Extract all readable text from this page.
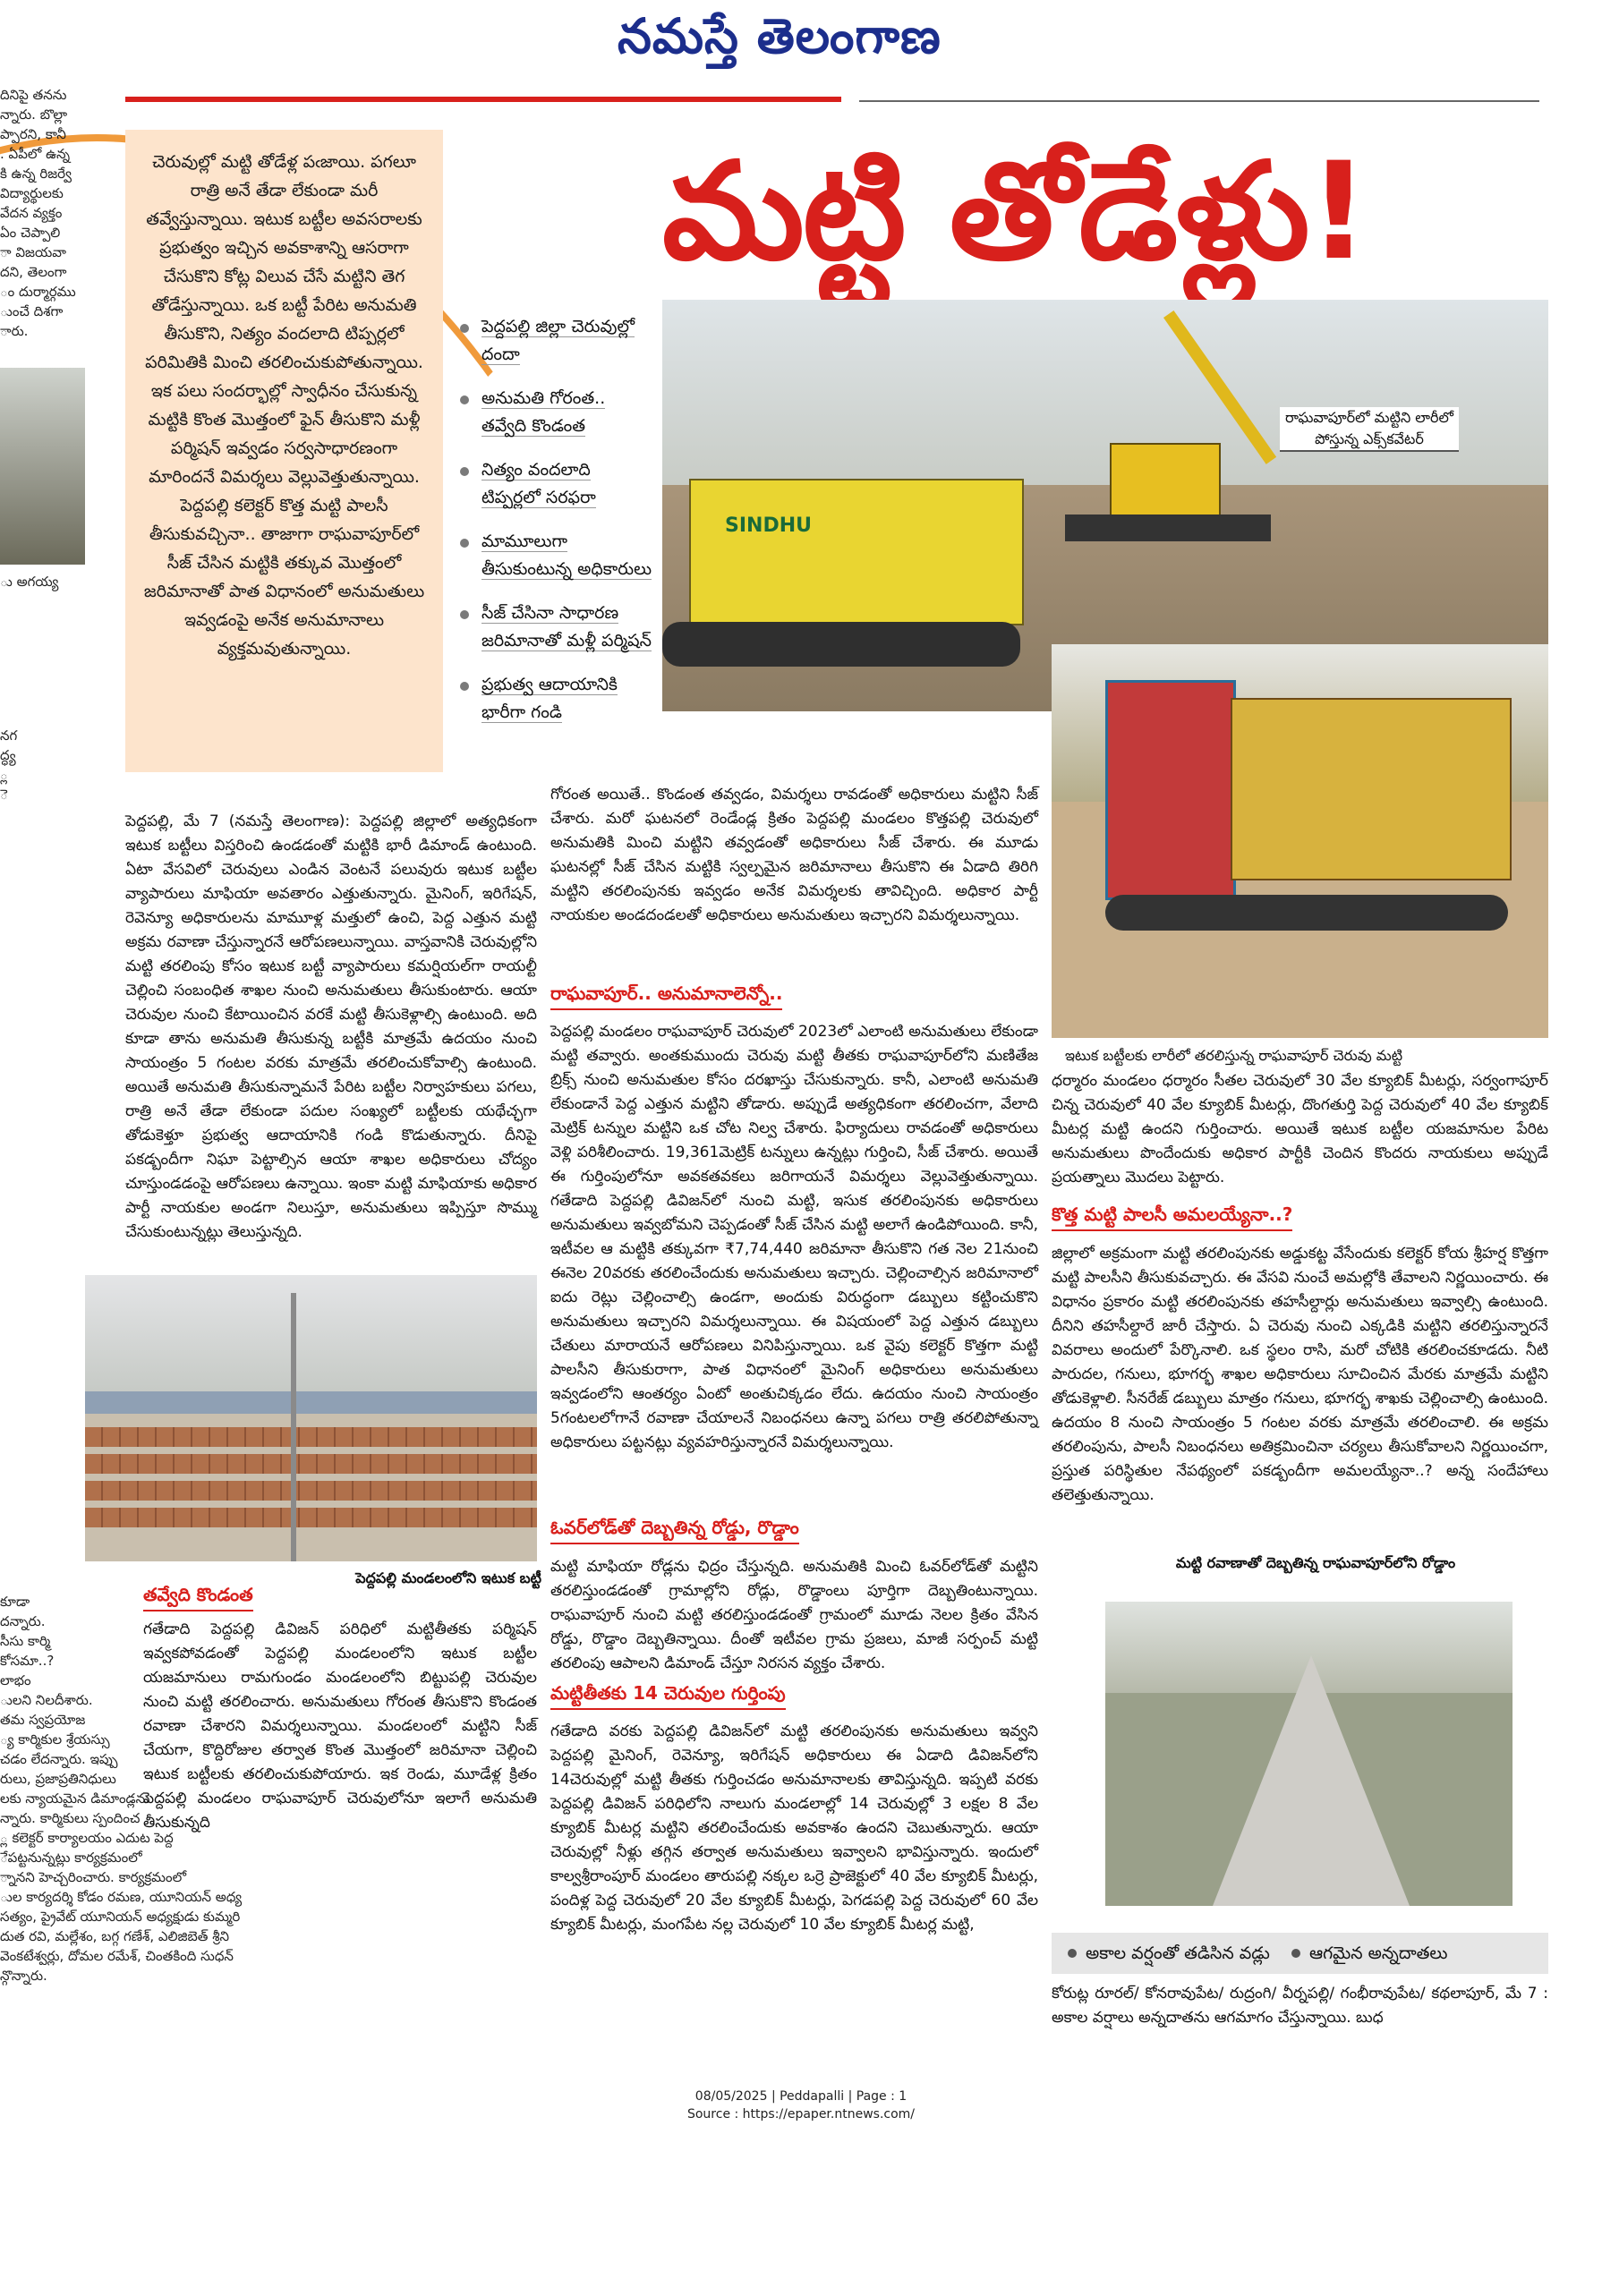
నమస్తే తెలంగాణ
దినిపై తనను
న్నారు. బొల్లా
ప్పారని, కానీ
. ఏపీలో ఉన్న
కి ఉన్న రిజర్వే
విద్యార్థులకు
వేదన వ్యక్తం
ఏం చెప్పాలి
ా విజయవా
దని, తెలంగా
ం దుర్మార్గము
ుంచే దిశగా
ారు.
ు అగయ్య
నగ
ద్ధ్య
్ల
ె
కూడా
దన్నారు.
సీసు కార్మి
కోసమా..?
లాభం
ులని నిలదీశారు.
తమ స్వప్రయోజ
్య కార్మికుల శ్రేయస్సు
చడం లేదన్నారు. ఇప్పు
రులు, ప్రజాప్రతినిధులు
లకు న్యాయమైన డిమాండ్లను
న్నారు. కార్మికులు స్పందించ
్ల కలెక్టర్ కార్యాలయం ఎదుట పెద్ద
ేపట్టనున్నట్లు కార్యక్రమంలో
్నానని హెచ్చరించారు. కార్యక్రమంలో
ుల కార్యదర్శి కోడం రమణ, యూనియన్ అధ్య
సత్యం, ప్రైవేట్ యూనియన్ అధ్యక్షుడు కుమ్మరి
దుత రవి, మల్లేశం, బగ్గ గణేశ్, ఎలిజిబెత్ శ్రీని
వెంకటేశ్వర్లు, దోమల రమేశ్, చింతకింది సుధన్
న్గొన్నారు.
చెరువుల్లో మట్టి తోడేళ్ల పఁజాయి. పగలూ రాత్రి అనే తేడా లేకుండా మరీ తవ్వేస్తున్నాయి. ఇటుక బట్టీల అవసరాలకు ప్రభుత్వం ఇచ్చిన అవకాశాన్ని ఆసరాగా చేసుకొని కోట్ల విలువ చేసే మట్టిని తెగ తోడేస్తున్నాయి. ఒక బట్టీ పేరిట అనుమతి తీసుకొని, నిత్యం వందలాది టిప్పర్లలో పరిమితికి మించి తరలించుకుపోతున్నాయి. ఇక పలు సందర్భాల్లో స్వాధీనం చేసుకున్న మట్టికి కొంత మొత్తంలో ఫైన్ తీసుకొని మళ్లీ పర్మిషన్ ఇవ్వడం సర్వసాధారణంగా మారిందనే విమర్శలు వెల్లువెత్తుతున్నాయి. పెద్దపల్లి కలెక్టర్ కొత్త మట్టి పాలసీ తీసుకువచ్చినా.. తాజాగా రాఘవాపూర్‌లో సీజ్ చేసిన మట్టికి తక్కువ మొత్తంలో జరిమానాతో పాత విధానంలో అనుమతులు ఇవ్వడంపై అనేక అనుమానాలు వ్యక్తమవుతున్నాయి.
మట్టి తోడేళ్లు!
పెద్దపల్లి జిల్లా చెరువుల్లో దందా
అనుమతి గోరంత.. తవ్వేది కొండంత
నిత్యం వందలాది టిప్పర్లలో సరఫరా
మామూలుగా తీసుకుంటున్న అధికారులు
సీజ్ చేసినా సాధారణ జరిమానాతో మళ్లీ పర్మిషన్
ప్రభుత్వ ఆదాయానికి భారీగా గండి
SINDHU
రాఘవాపూర్‌లో మట్టిని లారీలో పోస్తున్న ఎక్స్‌కవేటర్
ఇటుక బట్టీలకు లారీలో తరలిస్తున్న రాఘవాపూర్ చెరువు మట్టి
పెద్దపల్లి, మే 7 (నమస్తే తెలంగాణ): పెద్దపల్లి జిల్లాలో అత్యధికంగా ఇటుక బట్టీలు విస్తరించి ఉండడంతో మట్టికి భారీ డిమాండ్ ఉంటుంది. ఏటా వేసవిలో చెరువులు ఎండిన వెంటనే పలువురు ఇటుక బట్టీల వ్యాపారులు మాఫియా అవతారం ఎత్తుతున్నారు. మైనింగ్, ఇరిగేషన్, రెవెన్యూ అధికారులను మామూళ్ల మత్తులో ఉంచి, పెద్ద ఎత్తున మట్టి అక్రమ రవాణా చేస్తున్నారనే ఆరోపణలున్నాయి. వాస్తవానికి చెరువుల్లోని మట్టి తరలింపు కోసం ఇటుక బట్టీ వ్యాపారులు కమర్షియల్‌గా రాయల్టీ చెల్లించి సంబంధిత శాఖల నుంచి అనుమతులు తీసుకుంటారు. ఆయా చెరువుల నుంచి కేటాయించిన వరకే మట్టి తీసుకెళ్లాల్సి ఉంటుంది. అది కూడా తాను అనుమతి తీసుకున్న బట్టీకి మాత్రమే ఉదయం నుంచి సాయంత్రం 5 గంటల వరకు మాత్రమే తరలించుకోవాల్సి ఉంటుంది. అయితే అనుమతి తీసుకున్నామనే పేరిట బట్టీల నిర్వాహకులు పగలు, రాత్రి అనే తేడా లేకుండా పదుల సంఖ్యలో బట్టీలకు యథేచ్ఛగా తోడుకెళ్తూ ప్రభుత్వ ఆదాయానికి గండి కొడుతున్నారు. దీనిపై పకడ్బందీగా నిఘా పెట్టాల్సిన ఆయా శాఖల అధికారులు చోద్యం చూస్తుండడంపై ఆరోపణలు ఉన్నాయి. ఇంకా మట్టి మాఫియాకు అధికార పార్టీ నాయకుల అండగా నిలుస్తూ, అనుమతులు ఇప్పిస్తూ సొమ్ము చేసుకుంటున్నట్లు తెలుస్తున్నది.
పెద్దపల్లి మండలంలోని ఇటుక బట్టీ
తవ్వేది కొండంత
గతేడాది పెద్దపల్లి డివిజన్ పరిధిలో మట్టితీతకు పర్మిషన్ ఇవ్వకపోవడంతో పెద్దపల్లి మండలంలోని ఇటుక బట్టీల యజమానులు రామగుండం మండలంలోని బిట్టుపల్లి చెరువుల నుంచి మట్టి తరలించారు. అనుమతులు గోరంత తీసుకొని కొండంత రవాణా చేశారని విమర్శలున్నాయి. మండలంలో మట్టిని సీజ్ చేయగా, కొద్దిరోజుల తర్వాత కొంత మొత్తంలో జరిమానా చెల్లించి ఇటుక బట్టీలకు తరలించుకుపోయారు. ఇక రెండు, మూడేళ్ల క్రితం పెద్దపల్లి మండలం రాఘవాపూర్ చెరువులోనూ ఇలాగే అనుమతి తీసుకున్నది
గోరంత అయితే.. కొండంత తవ్వడం, విమర్శలు రావడంతో అధికారులు మట్టిని సీజ్ చేశారు. మరో ఘటనలో రెండేండ్ల క్రితం పెద్దపల్లి మండలం కొత్తపల్లి చెరువులో అనుమతికి మించి మట్టిని తవ్వడంతో అధికారులు సీజ్ చేశారు. ఈ మూడు ఘటనల్లో సీజ్ చేసిన మట్టికి స్వల్పమైన జరిమానాలు తీసుకొని ఈ ఏడాది తిరిగి మట్టిని తరలింపునకు ఇవ్వడం అనేక విమర్శలకు తావిచ్చింది. అధికార పార్టీ నాయకుల అండదండలతో అధికారులు అనుమతులు ఇచ్చారని విమర్శలున్నాయి.
రాఘవాపూర్.. అనుమానాలెన్నో..
పెద్దపల్లి మండలం రాఘవాపూర్ చెరువులో 2023లో ఎలాంటి అనుమతులు లేకుండా మట్టి తవ్వారు. అంతకుముందు చెరువు మట్టి తీతకు రాఘవాపూర్‌లోని మణితేజ బ్రిక్స్ నుంచి అనుమతుల కోసం దరఖాస్తు చేసుకున్నారు. కానీ, ఎలాంటి అనుమతి లేకుండానే పెద్ద ఎత్తున మట్టిని తోడారు. అప్పుడే అత్యధికంగా తరలించగా, వేలాది మెట్రిక్ టన్నుల మట్టిని ఒక చోట నిల్వ చేశారు. ఫిర్యాదులు రావడంతో అధికారులు వెళ్లి పరిశీలించారు. 19,361మెట్రిక్ టన్నులు ఉన్నట్లు గుర్తించి, సీజ్ చేశారు. అయితే ఈ గుర్తింపులోనూ అవకతవకలు జరిగాయనే విమర్శలు వెల్లువెత్తుతున్నాయి. గతేడాది పెద్దపల్లి డివిజన్‌లో నుంచి మట్టి, ఇసుక తరలింపునకు అధికారులు అనుమతులు ఇవ్వబోమని చెప్పడంతో సీజ్ చేసిన మట్టి అలాగే ఉండిపోయింది. కానీ, ఇటీవల ఆ మట్టికి తక్కువగా ₹7,74,440 జరిమానా తీసుకొని గత నెల 21నుంచి ఈనెల 20వరకు తరలించేందుకు అనుమతులు ఇచ్చారు. చెల్లించాల్సిన జరిమానాలో ఐదు రెట్లు చెల్లించాల్సి ఉండగా, అందుకు విరుద్ధంగా డబ్బులు కట్టించుకొని అనుమతులు ఇచ్చారని విమర్శలున్నాయి. ఈ విషయంలో పెద్ద ఎత్తున డబ్బులు చేతులు మారాయనే ఆరోపణలు వినిపిస్తున్నాయి. ఒక వైపు కలెక్టర్ కొత్తగా మట్టి పాలసీని తీసుకురాగా, పాత విధానంలో మైనింగ్ అధికారులు అనుమతులు ఇవ్వడంలోని ఆంతర్యం ఏంటో అంతుచిక్కడం లేదు. ఉదయం నుంచి సాయంత్రం 5గంటలలోగానే రవాణా చేయాలనే నిబంధనలు ఉన్నా పగలు రాత్రి తరలిపోతున్నా అధికారులు పట్టనట్లు వ్యవహరిస్తున్నారనే విమర్శలున్నాయి.
ఓవర్‌లోడ్‌తో దెబ్బతిన్న రోడ్డు, రొడ్డాం
మట్టి మాఫియా రోడ్లను ఛిద్రం చేస్తున్నది. అనుమతికి మించి ఓవర్‌లోడ్‌తో మట్టిని తరలిస్తుండడంతో గ్రామాల్లోని రోడ్లు, రొడ్డాంలు పూర్తిగా దెబ్బతింటున్నాయి. రాఘవాపూర్ నుంచి మట్టి తరలిస్తుండడంతో గ్రామంలో మూడు నెలల క్రితం వేసిన రోడ్డు, రొడ్డాం దెబ్బతిన్నాయి. దీంతో ఇటీవల గ్రామ ప్రజలు, మాజీ సర్పంచ్ మట్టి తరలింపు ఆపాలని డిమాండ్ చేస్తూ నిరసన వ్యక్తం చేశారు.
మట్టితీతకు 14 చెరువుల గుర్తింపు
గతేడాది వరకు పెద్దపల్లి డివిజన్‌లో మట్టి తరలింపునకు అనుమతులు ఇవ్వని పెద్దపల్లి మైనింగ్, రెవెన్యూ, ఇరిగేషన్ అధికారులు ఈ ఏడాది డివిజన్‌లోని 14చెరువుల్లో మట్టి తీతకు గుర్తించడం అనుమానాలకు తావిస్తున్నది. ఇప్పటి వరకు పెద్దపల్లి డివిజన్ పరిధిలోని నాలుగు మండలాల్లో 14 చెరువుల్లో 3 లక్షల 8 వేల క్యూబిక్ మీటర్ల మట్టిని తరలించేందుకు అవకాశం ఉందని చెబుతున్నారు. ఆయా చెరువుల్లో నీళ్లు తగ్గిన తర్వాత అనుమతులు ఇవ్వాలని భావిస్తున్నారు. ఇందులో కాల్వశ్రీరాంపూర్ మండలం తారుపల్లి నక్కల ఒర్రె ప్రాజెక్టులో 40 వేల క్యూబిక్ మీటర్లు, పందిళ్ల పెద్ద చెరువులో 20 వేల క్యూబిక్ మీటర్లు, పెగడపల్లి పెద్ద చెరువులో 60 వేల క్యూబిక్ మీటర్లు, మంగపేట నల్ల చెరువులో 10 వేల క్యూబిక్ మీటర్ల మట్టి,
ధర్మారం మండలం ధర్మారం సీతల చెరువులో 30 వేల క్యూబిక్ మీటర్లు, సర్వంగాపూర్ చిన్న చెరువులో 40 వేల క్యూబిక్ మీటర్లు, దొంగతుర్తి పెద్ద చెరువులో 40 వేల క్యూబిక్ మీటర్ల మట్టి ఉందని గుర్తించారు. అయితే ఇటుక బట్టీల యజమానుల పేరిట అనుమతులు పొందేందుకు అధికార పార్టీకి చెందిన కొందరు నాయకులు అప్పుడే ప్రయత్నాలు మొదలు పెట్టారు.
కొత్త మట్టి పాలసీ అమలయ్యేనా..?
జిల్లాలో అక్రమంగా మట్టి తరలింపునకు అడ్డుకట్ట వేసేందుకు కలెక్టర్ కోయ శ్రీహర్ష కొత్తగా మట్టి పాలసీని తీసుకువచ్చారు. ఈ వేసవి నుంచే అమల్లోకి తేవాలని నిర్ణయించారు. ఈ విధానం ప్రకారం మట్టి తరలింపునకు తహసీల్దార్లు అనుమతులు ఇవ్వాల్సి ఉంటుంది. దీనిని తహసీల్దారే జారీ చేస్తారు. ఏ చెరువు నుంచి ఎక్కడికి మట్టిని తరలిస్తున్నారనే వివరాలు అందులో పేర్కొనాలి. ఒక స్థలం రాసి, మరో చోటికి తరలించకూడదు. నీటి పారుదల, గనులు, భూగర్భ శాఖల అధికారులు సూచించిన మేరకు మాత్రమే మట్టిని తోడుకెళ్లాలి. సీనరేజ్ డబ్బులు మాత్రం గనులు, భూగర్భ శాఖకు చెల్లించాల్సి ఉంటుంది. ఉదయం 8 నుంచి సాయంత్రం 5 గంటల వరకు మాత్రమే తరలించాలి. ఈ అక్రమ తరలింపును, పాలసీ నిబంధనలు అతిక్రమించినా చర్యలు తీసుకోవాలని నిర్ణయించగా, ప్రస్తుత పరిస్థితుల నేపథ్యంలో పకడ్బందీగా అమలయ్యేనా..? అన్న సందేహాలు తలెత్తుతున్నాయి.
మట్టి రవాణాతో దెబ్బతిన్న రాఘవాపూర్‌లోని రోడ్డాం
అకాల వర్షంతో తడిసిన వడ్లు ఆగమైన అన్నదాతలు
కోరుట్ల రూరల్/ కోనరావుపేట/ రుద్రంగి/ వీర్నపల్లి/ గంభీరావుపేట/ కథలాపూర్, మే 7 : అకాల వర్షాలు అన్నదాతను ఆగమాగం చేస్తున్నాయి. బుధ
08/05/2025 | Peddapalli | Page : 1
Source : https://epaper.ntnews.com/
